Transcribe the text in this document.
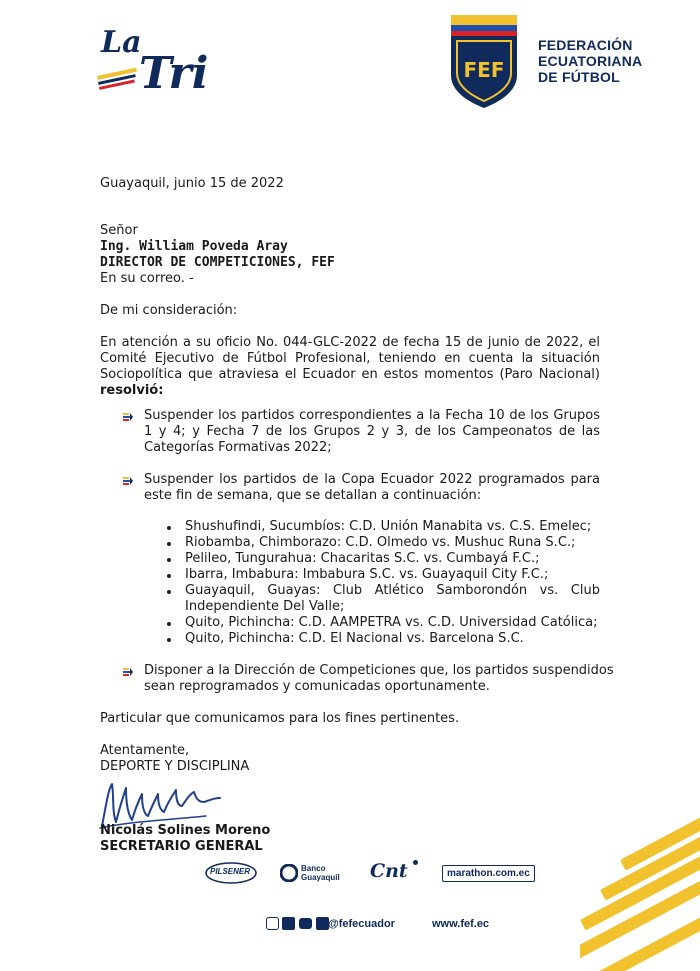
La
Tri	FEF
FEDERACIÓN
ECUATORIANA
DE FÚTBOL
Guayaquil, junio 15 de 2022
Señor
Ing. William Poveda Aray
DIRECTOR DE COMPETICIONES, FEF
En su correo. -
De mi consideración:
En atención a su oficio No. 044-GLC-2022 de fecha 15 de junio de 2022, el
Comité Ejecutivo de Fútbol Profesional, teniendo en cuenta la situación
Sociopolítica que atraviesa el Ecuador en estos momentos (Paro Nacional)
resolvió:
Suspender los partidos correspondientes a la Fecha 10 de los Grupos
1 y 4; y Fecha 7 de los Grupos 2 y 3, de los Campeonatos de las
Categorías Formativas 2022;
Suspender los partidos de la Copa Ecuador 2022 programados para
este fin de semana, que se detallan a continuación:
Shushufindi, Sucumbíos: C.D. Unión Manabita vs. C.S. Emelec;
Riobamba, Chimborazo: C.D. Olmedo vs. Mushuc Runa S.C.;
Pelileo, Tungurahua: Chacaritas S.C. vs. Cumbayá F.C.;
Ibarra, Imbabura: Imbabura S.C. vs. Guayaquil City F.C.;
Guayaquil, Guayas: Club Atlético Samborondón vs. Club
Independiente Del Valle;
Quito, Pichincha: C.D. AAMPETRA vs. C.D. Universidad Católica;
Quito, Pichincha: C.D. El Nacional vs. Barcelona S.C.
Disponer a la Dirección de Competiciones que, los partidos suspendidos
sean reprogramados y comunicadas oportunamente.
Particular que comunicamos para los fines pertinentes.
Atentamente,
DEPORTE Y DISCIPLINA
Nicolás Solines Moreno
SECRETARIO GENERAL
PILSENER	Banco
Guayaquil Cnt	marathon.com.ec
@fefecuador	www.fef.ec
